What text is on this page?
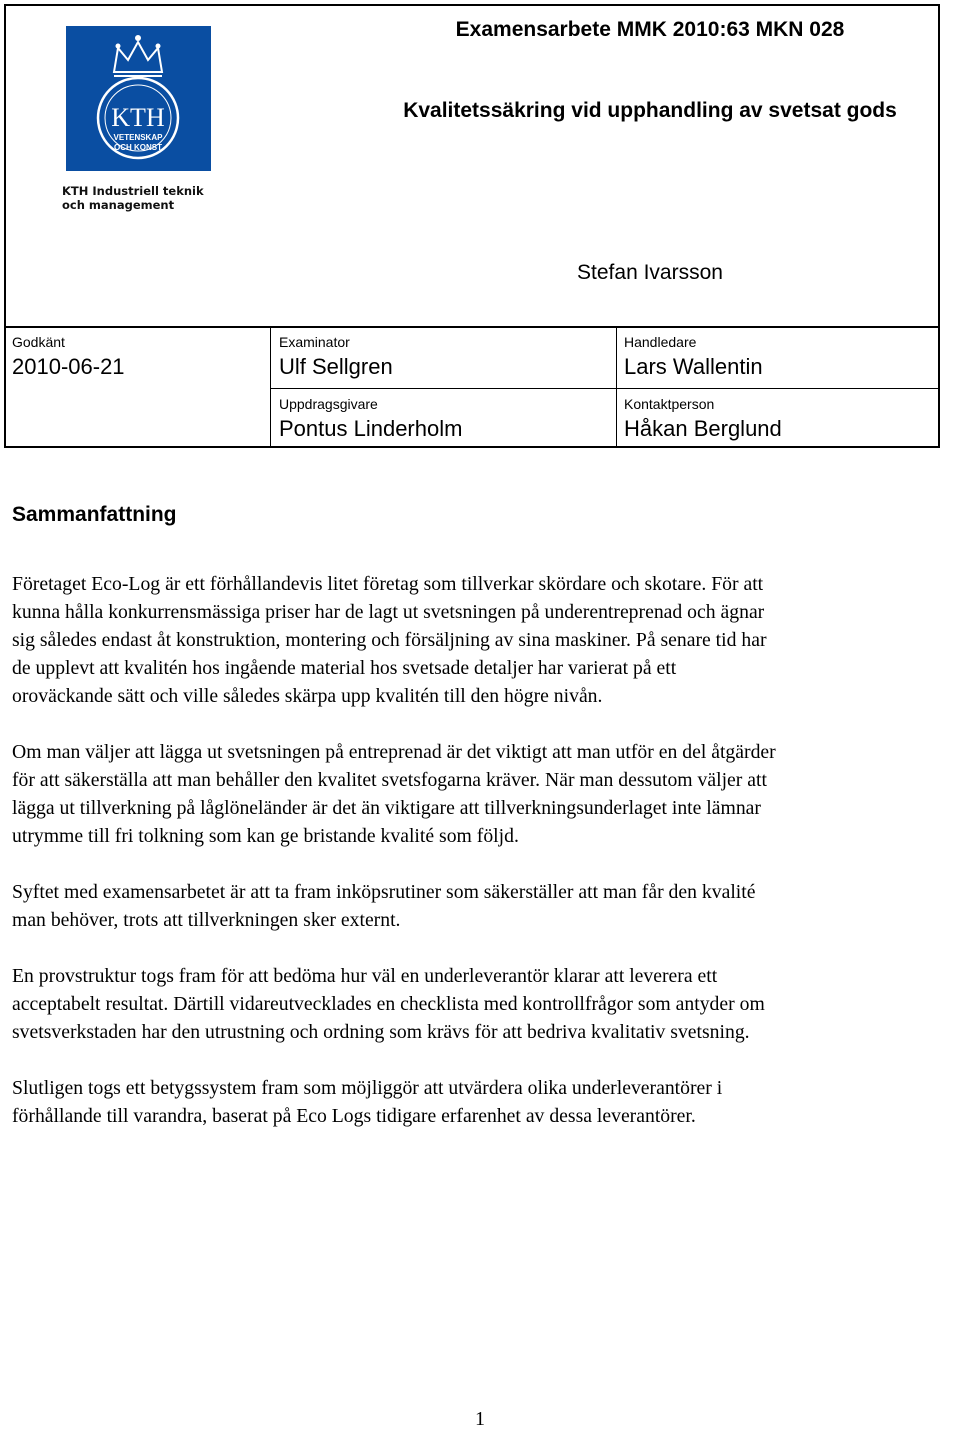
KTH
VETENSKAP
OCH KONST
KTH Industriell teknik
och management
Examensarbete MMK 2010:63 MKN 028
Kvalitetssäkring vid upphandling av svetsat gods
Stefan Ivarsson
Godkänt
2010-06-21
Examinator
Ulf Sellgren
Handledare
Lars Wallentin
Uppdragsgivare
Pontus Linderholm
Kontaktperson
Håkan Berglund
Sammanfattning

Företaget Eco-Log är ett förhållandevis litet företag som tillverkar skördare och skotare. För att
kunna hålla konkurrensmässiga priser har de lagt ut svetsningen på underentreprenad och ägnar
sig således endast åt konstruktion, montering och försäljning av sina maskiner. På senare tid har
de upplevt att kvalitén hos ingående material hos svetsade detaljer har varierat på ett
oroväckande sätt och ville således skärpa upp kvalitén till den högre nivån.

Om man väljer att lägga ut svetsningen på entreprenad är det viktigt att man utför en del åtgärder
för att säkerställa att man behåller den kvalitet svetsfogarna kräver. När man dessutom väljer att
lägga ut tillverkning på låglöneländer är det än viktigare att tillverkningsunderlaget inte lämnar
utrymme till fri tolkning som kan ge bristande kvalité som följd.

Syftet med examensarbetet är att ta fram inköpsrutiner som säkerställer att man får den kvalité
man behöver, trots att tillverkningen sker externt.

En provstruktur togs fram för att bedöma hur väl en underleverantör klarar att leverera ett
acceptabelt resultat. Därtill vidareutvecklades en checklista med kontrollfrågor som antyder om
svetsverkstaden har den utrustning och ordning som krävs för att bedriva kvalitativ svetsning.

Slutligen togs ett betygssystem fram som möjliggör att utvärdera olika underleverantörer i
förhållande till varandra, baserat på Eco Logs tidigare erfarenhet av dessa leverantörer.

1
